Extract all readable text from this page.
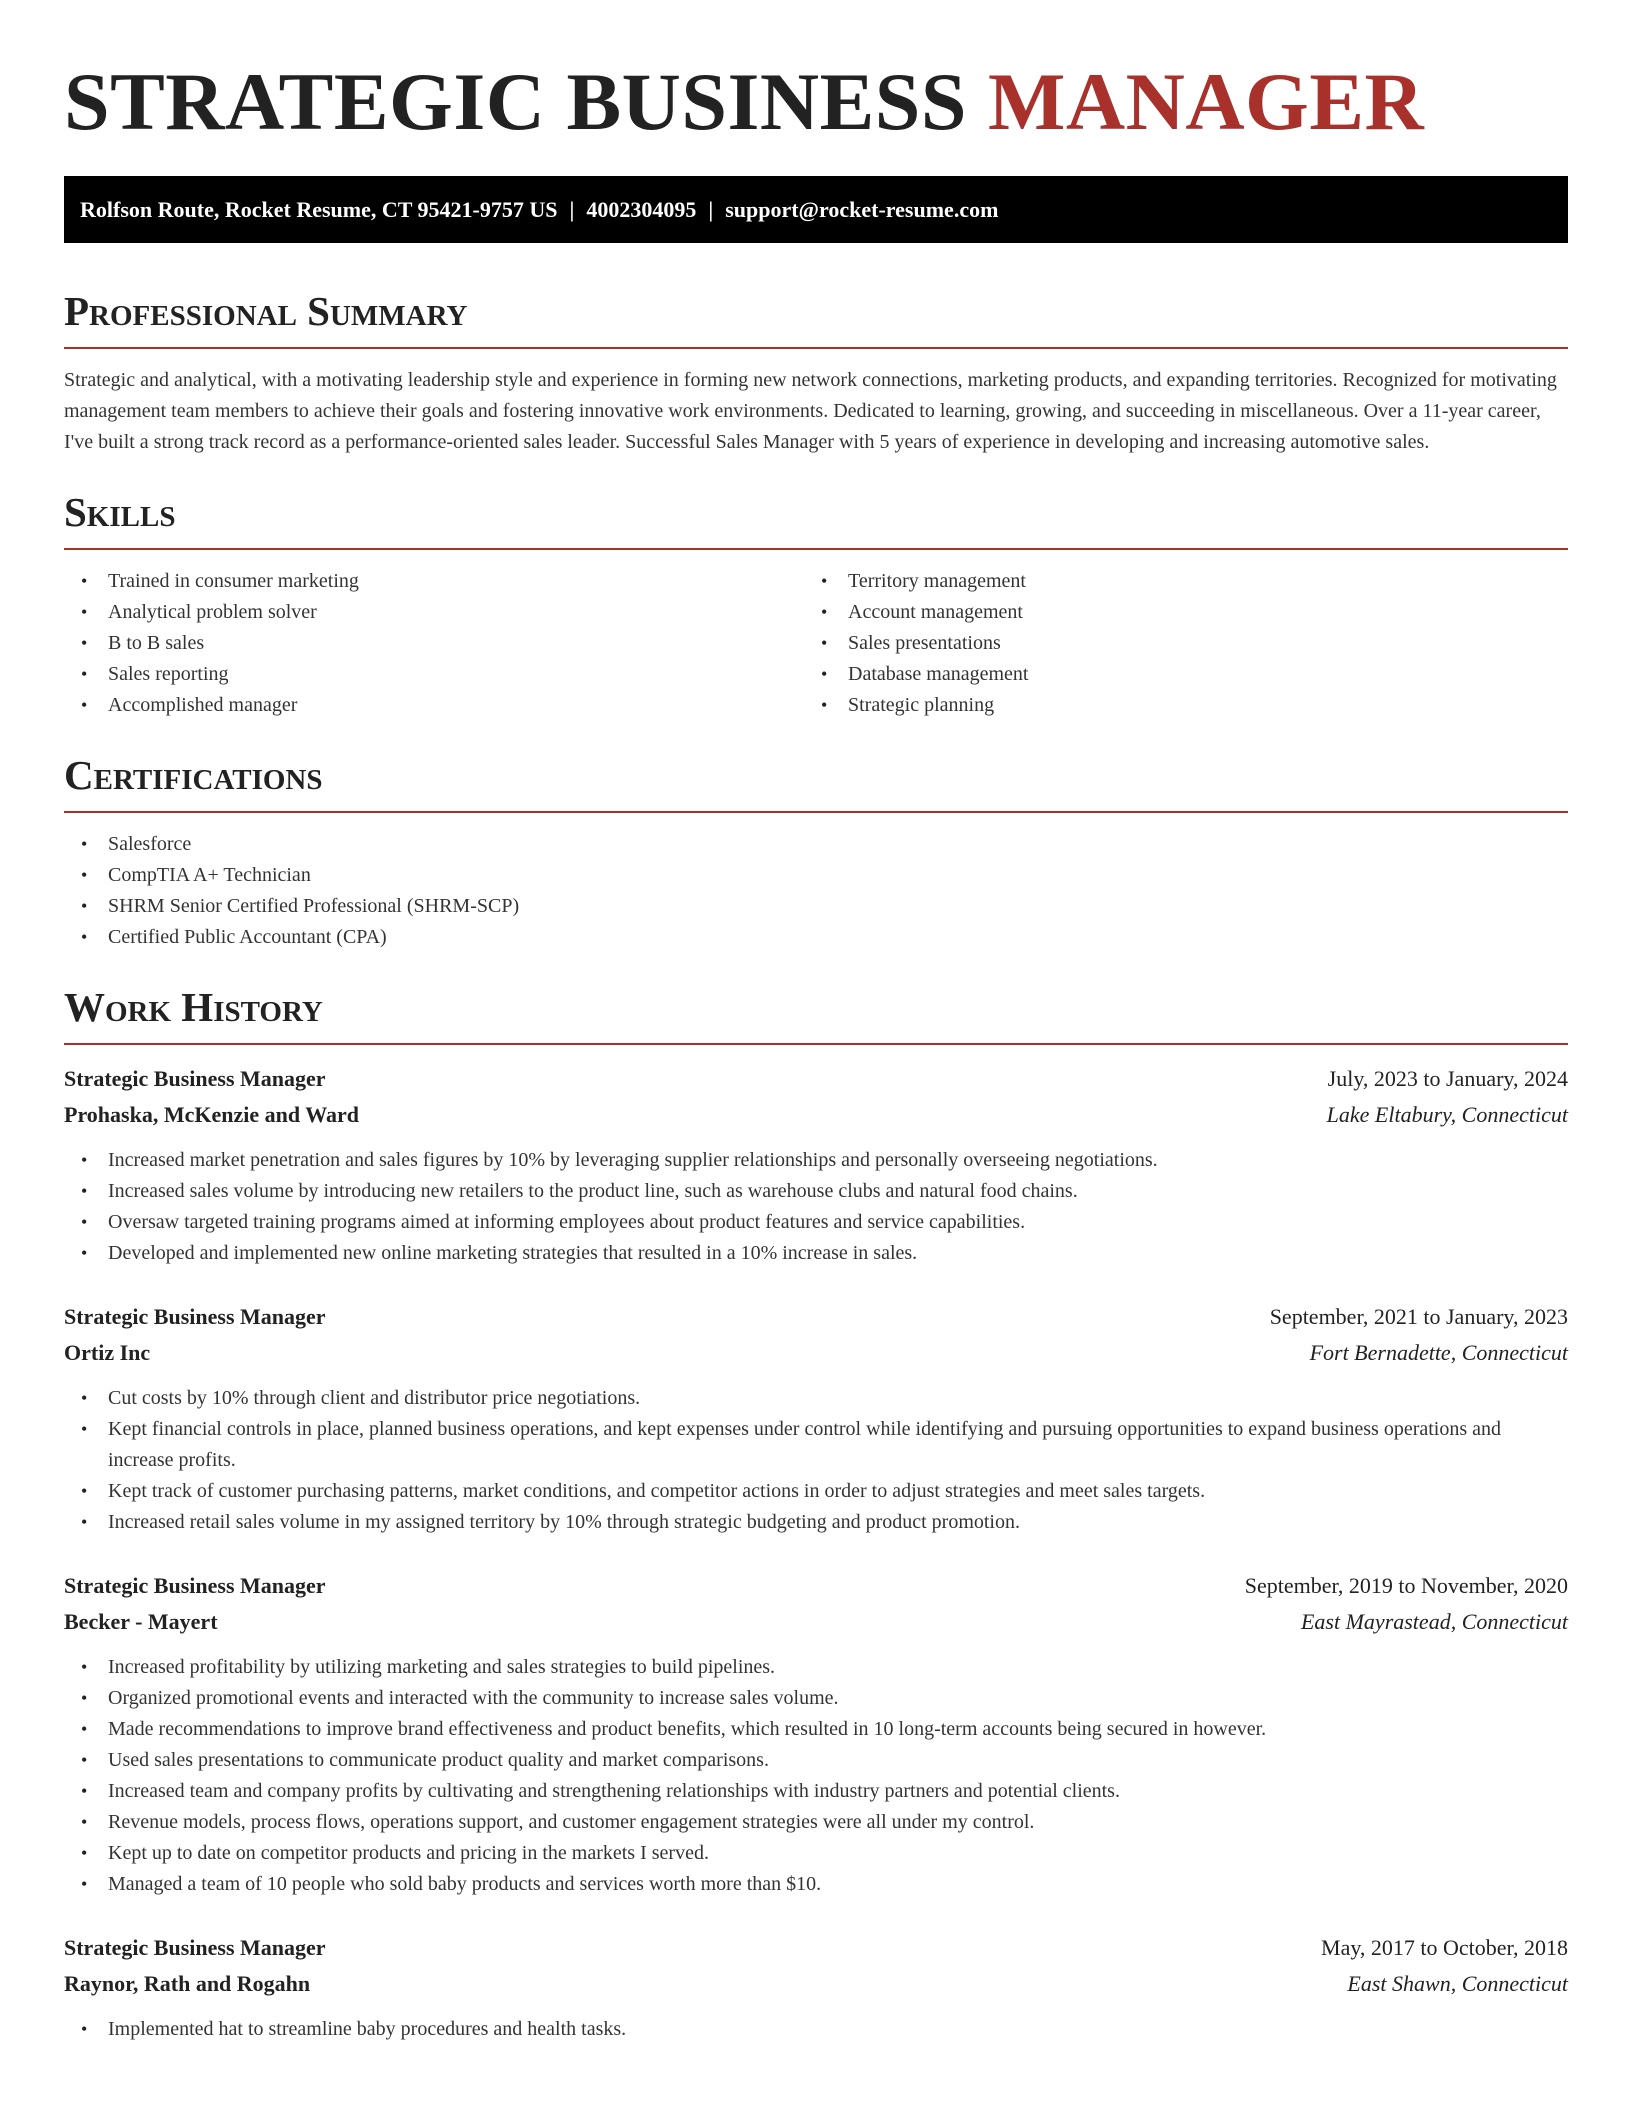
STRATEGIC BUSINESS MANAGER
Rolfson Route, Rocket Resume, CT 95421-9757 US | 4002304095 | support@rocket-resume.com
Professional Summary
Strategic and analytical, with a motivating leadership style and experience in forming new network connections, marketing products, and expanding territories. Recognized for motivating management team members to achieve their goals and fostering innovative work environments. Dedicated to learning, growing, and succeeding in miscellaneous. Over a 11-year career, I've built a strong track record as a performance-oriented sales leader. Successful Sales Manager with 5 years of experience in developing and increasing automotive sales.
Skills
• Trained in consumer marketing
• Analytical problem solver
• B to B sales
• Sales reporting
• Accomplished manager
• Territory management
• Account management
• Sales presentations
• Database management
• Strategic planning
Certifications
• Salesforce
• CompTIA A+ Technician
• SHRM Senior Certified Professional (SHRM-SCP)
• Certified Public Accountant (CPA)
Work History
Strategic Business Manager	July, 2023 to January, 2024
Prohaska, McKenzie and Ward	Lake Eltabury, Connecticut
• Increased market penetration and sales figures by 10% by leveraging supplier relationships and personally overseeing negotiations.
• Increased sales volume by introducing new retailers to the product line, such as warehouse clubs and natural food chains.
• Oversaw targeted training programs aimed at informing employees about product features and service capabilities.
• Developed and implemented new online marketing strategies that resulted in a 10% increase in sales.
Strategic Business Manager	September, 2021 to January, 2023
Ortiz Inc	Fort Bernadette, Connecticut
• Cut costs by 10% through client and distributor price negotiations.
• Kept financial controls in place, planned business operations, and kept expenses under control while identifying and pursuing opportunities to expand business operations and increase profits.
• Kept track of customer purchasing patterns, market conditions, and competitor actions in order to adjust strategies and meet sales targets.
• Increased retail sales volume in my assigned territory by 10% through strategic budgeting and product promotion.
Strategic Business Manager	September, 2019 to November, 2020
Becker - Mayert	East Mayrastead, Connecticut
• Increased profitability by utilizing marketing and sales strategies to build pipelines.
• Organized promotional events and interacted with the community to increase sales volume.
• Made recommendations to improve brand effectiveness and product benefits, which resulted in 10 long-term accounts being secured in however.
• Used sales presentations to communicate product quality and market comparisons.
• Increased team and company profits by cultivating and strengthening relationships with industry partners and potential clients.
• Revenue models, process flows, operations support, and customer engagement strategies were all under my control.
• Kept up to date on competitor products and pricing in the markets I served.
• Managed a team of 10 people who sold baby products and services worth more than $10.
Strategic Business Manager	May, 2017 to October, 2018
Raynor, Rath and Rogahn	East Shawn, Connecticut
• Implemented hat to streamline baby procedures and health tasks.
